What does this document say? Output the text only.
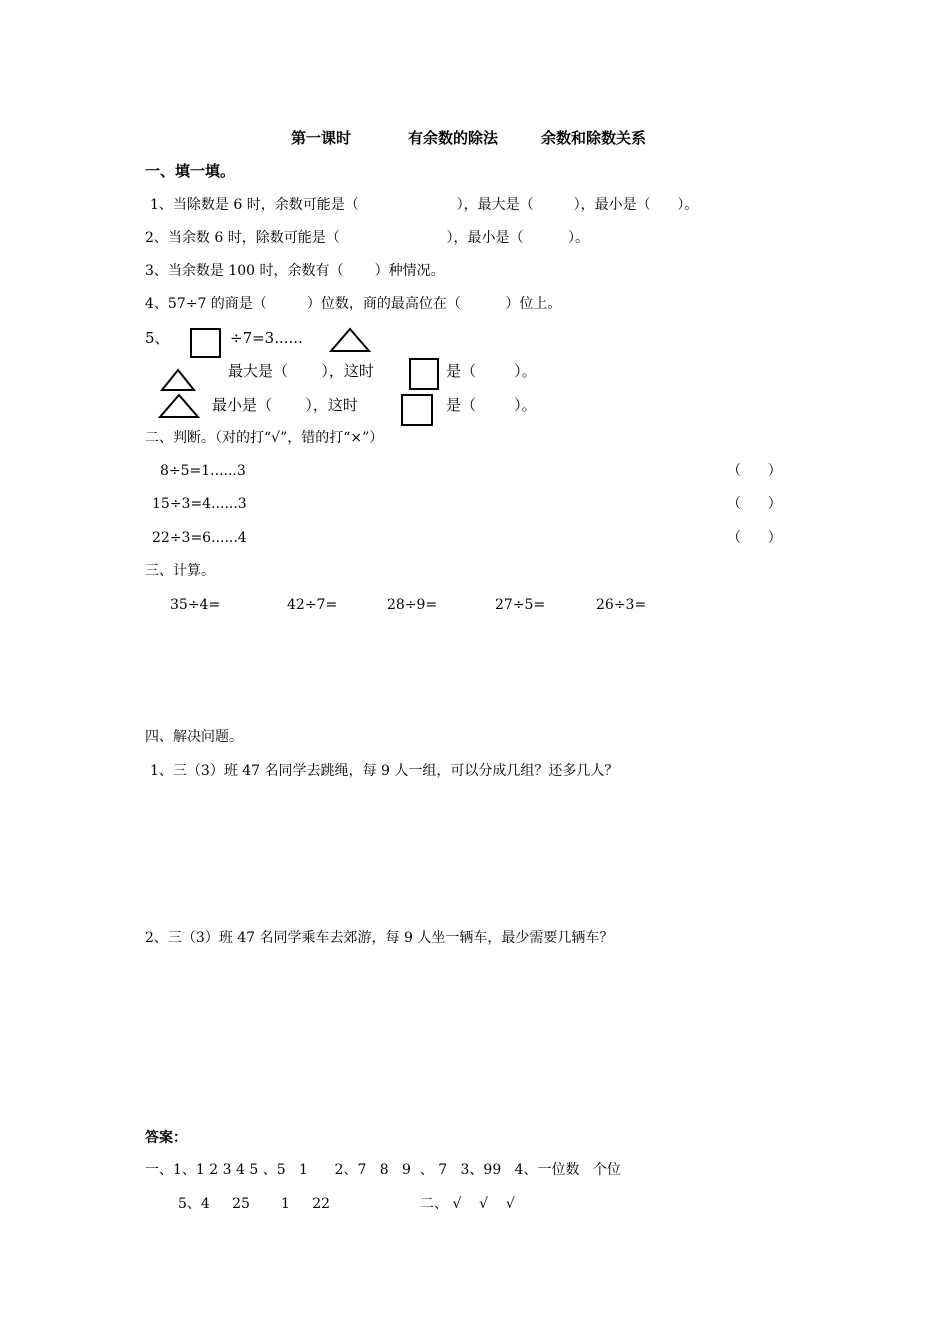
第一课时	有余数的除法	余数和除数关系
一、填一填。
1、当除数是 6 时，余数可能是（                      ），最大是（         ），最小是（      ）。
2、当余数 6 时，除数可能是（                        ），最小是（          ）。
3、当余数是 100 时，余数有（       ）种情况。
4、57÷7 的商是（         ）位数，商的最高位在（          ）位上。
5、	÷7=3......
最大是（       ），这时	是（        ）。
最小是（       ），这时	是（        ）。
二、判断。（对的打“√”，错的打“×”）
8÷5=1......3	（      ）
15÷3=4......3	（      ）
22÷3=6......4	（      ）
三、计算。
35÷4=	42÷7=	28÷9=	27÷5=	26÷3=
四、解决问题。
1、三（3）班 47 名同学去跳绳，每 9 人一组，可以分成几组？还多几人？
2、三（3）班 47 名同学乘车去郊游，每 9 人坐一辆车，最少需要几辆车？
答案：
一、1、1 2 3 4 5 、5   1      2、7   8   9  、 7   3、99   4、一位数   个位
5、4     25       1     22	二、 √    √    √
